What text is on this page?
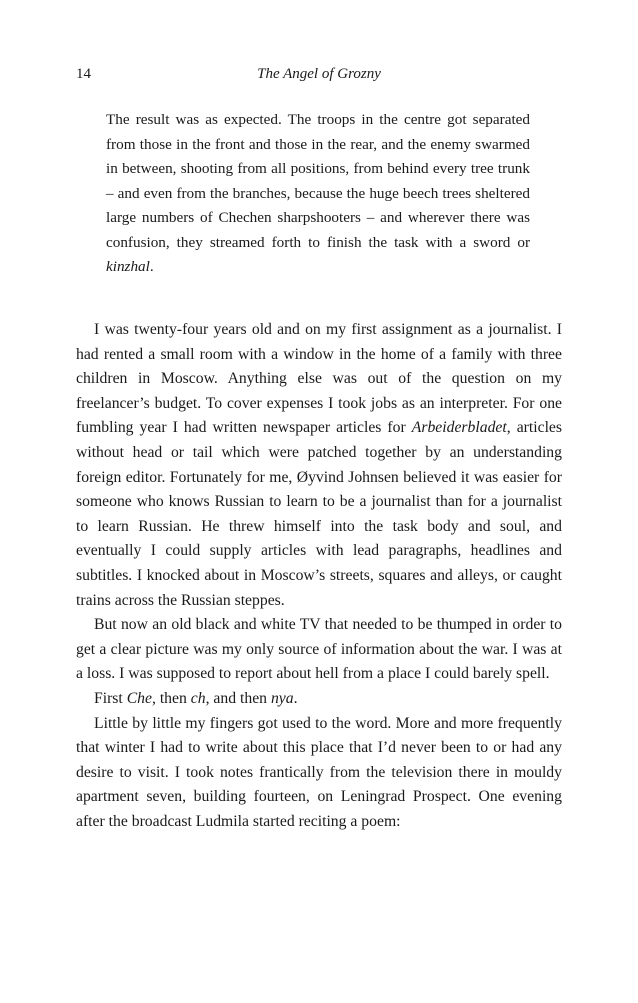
14	The Angel of Grozny

The result was as expected. The troops in the centre got separated from those in the front and those in the rear, and the enemy swarmed in between, shooting from all positions, from behind every tree trunk – and even from the branches, because the huge beech trees sheltered large numbers of Chechen sharpshooters – and wherever there was confusion, they streamed forth to finish the task with a sword or kinzhal.

I was twenty-four years old and on my first assignment as a journalist. I had rented a small room with a window in the home of a family with three children in Moscow. Anything else was out of the question on my freelancer’s budget. To cover expenses I took jobs as an interpreter. For one fumbling year I had written newspaper articles for Arbeiderbladet, articles without head or tail which were patched together by an understanding foreign editor. Fortunately for me, Øyvind Johnsen believed it was easier for someone who knows Russian to learn to be a journalist than for a journalist to learn Russian. He threw himself into the task body and soul, and eventually I could supply articles with lead paragraphs, headlines and subtitles. I knocked about in Moscow’s streets, squares and alleys, or caught trains across the Russian steppes.

But now an old black and white TV that needed to be thumped in order to get a clear picture was my only source of information about the war. I was at a loss. I was supposed to report about hell from a place I could barely spell.

First Che, then ch, and then nya.

Little by little my fingers got used to the word. More and more frequently that winter I had to write about this place that I’d never been to or had any desire to visit. I took notes frantically from the television there in mouldy apartment seven, building fourteen, on Leningrad Prospect. One evening after the broadcast Ludmila started reciting a poem:
